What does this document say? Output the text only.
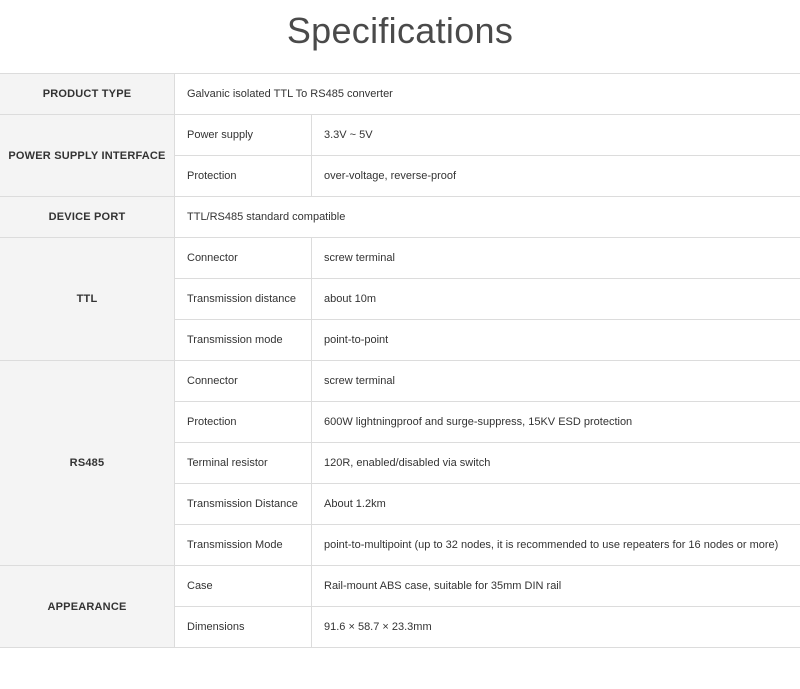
Specifications
PRODUCT TYPE	Galvanic isolated TTL To RS485 converter	
POWER SUPPLY INTERFACE	Power supply	3.3V ~ 5V
	Protection	over-voltage, reverse-proof
DEVICE PORT	TTL/RS485 standard compatible	
TTL	Connector	screw terminal
	Transmission distance	about 10m
	Transmission mode	point-to-point
RS485	Connector	screw terminal
	Protection	600W lightningproof and surge-suppress, 15KV ESD protection
	Terminal resistor	120R, enabled/disabled via switch
	Transmission Distance	About 1.2km
	Transmission Mode	point-to-multipoint (up to 32 nodes, it is recommended to use repeaters for 16 nodes or more)
APPEARANCE	Case	Rail-mount ABS case, suitable for 35mm DIN rail
	Dimensions	91.6 × 58.7 × 23.3mm
